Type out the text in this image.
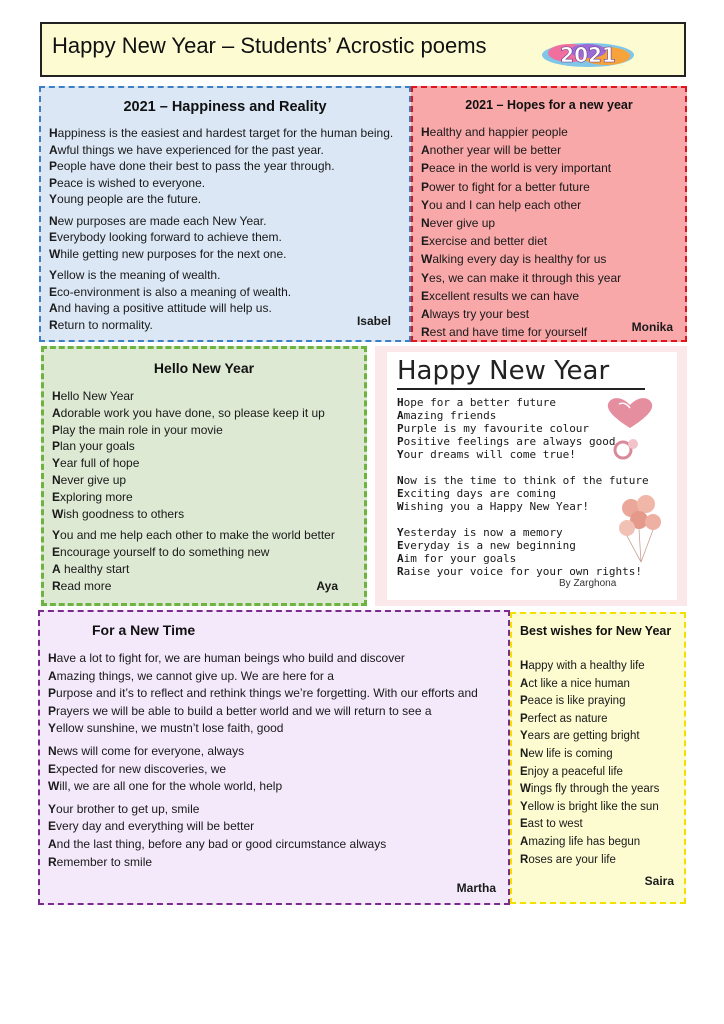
Happy New Year – Students’ Acrostic poems	2021
2021 – Happiness and Reality
Happiness is the easiest and hardest target for the human being.
Awful things we have experienced for the past year.
People have done their best to pass the year through.
Peace is wished to everyone.
Young people are the future.
New purposes are made each New Year.
Everybody looking forward to achieve them.
While getting new purposes for the next one.
Yellow is the meaning of wealth.
Eco-environment is also a meaning of wealth.
And having a positive attitude will help us.
Return to normality.	Isabel
2021 – Hopes for a new year
Healthy and happier people
Another year will be better
Peace in the world is very important
Power to fight for a better future
You and I can help each other
Never give up
Exercise and better diet
Walking every day is healthy for us
Yes, we can make it through this year
Excellent results we can have
Always try your best
Rest and have time for yourself	Monika
Hello New Year
Hello New Year
Adorable work you have done, so please keep it up
Play the main role in your movie
Plan your goals
Year full of hope
Never give up
Exploring more
Wish goodness to others
You and me help each other to make the world better
Encourage yourself to do something new
A healthy start
Read more	Aya
Happy New Year
Hope for a better future
Amazing friends
Purple is my favourite colour
Positive feelings are always good
Your dreams will come true!
Now is the time to think of the future
Exciting days are coming
Wishing you a Happy New Year!
Yesterday is now a memory
Everyday is a new beginning
Aim for your goals
Raise your voice for your own rights!
By Zarghona
For a New Time
Have a lot to fight for, we are human beings who build and discover
Amazing things, we cannot give up. We are here for a
Purpose and it’s to reflect and rethink things we’re forgetting. With our efforts and
Prayers we will be able to build a better world and we will return to see a
Yellow sunshine, we mustn’t lose faith, good
News will come for everyone, always
Expected for new discoveries, we
Will, we are all one for the whole world, help
Your brother to get up, smile
Every day and everything will be better
And the last thing, before any bad or good circumstance always
Remember to smile
Martha
Best wishes for New Year
Happy with a healthy life
Act like a nice human
Peace is like praying
Perfect as nature
Years are getting bright
New life is coming
Enjoy a peaceful life
Wings fly through the years
Yellow is bright like the sun
East to west
Amazing life has begun
Roses are your life
Saira
